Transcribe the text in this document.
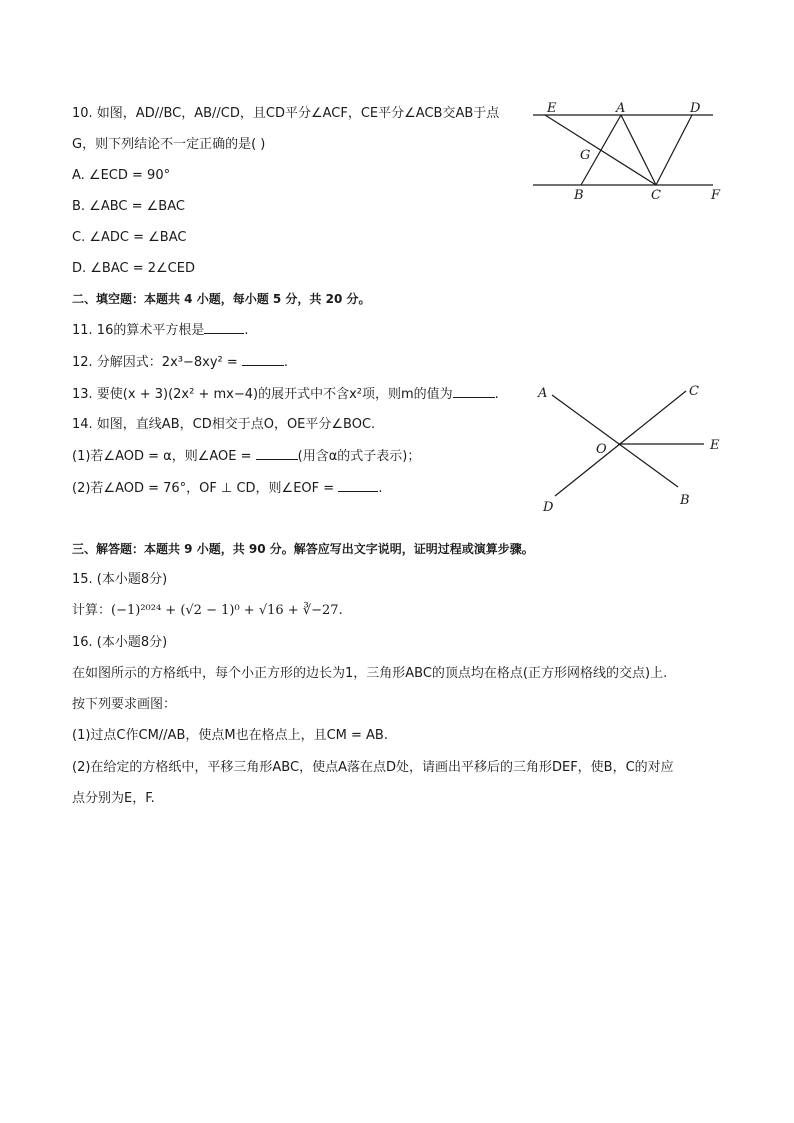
10. 如图，AD//BC，AB//CD，且CD平分∠ACF，CE平分∠ACB交AB于点
G，则下列结论不一定正确的是( )
A. ∠ECD = 90°
B. ∠ABC = ∠BAC
C. ∠ADC = ∠BAC
D. ∠BAC = 2∠CED
E	A	D
G
B	C	F
二、填空题：本题共 4 小题，每小题 5 分，共 20 分。
11. 16的算术平方根是	.
12. 分解因式：2x³−8xy² =	.
13. 要使(x + 3)(2x² + mx−4)的展开式中不含x²项，则m的值为	.
14. 如图，直线AB，CD相交于点O，OE平分∠BOC.
(1)若∠AOD = α，则∠AOE =	(用含α的式子表示)；
(2)若∠AOD = 76°，OF ⊥ CD，则∠EOF =	.
A	C
O	E
D	B
三、解答题：本题共 9 小题，共 90 分。解答应写出文字说明，证明过程或演算步骤。
15. (本小题8分)
计算：(−1)²⁰²⁴ + (√2 − 1)⁰ + √16 + ∛−27.
16. (本小题8分)
在如图所示的方格纸中，每个小正方形的边长为1，三角形ABC的顶点均在格点(正方形网格线的交点)上.
按下列要求画图：
(1)过点C作CM//AB，使点M也在格点上，且CM = AB.
(2)在给定的方格纸中，平移三角形ABC，使点A落在点D处，请画出平移后的三角形DEF，使B，C的对应
点分别为E，F.
